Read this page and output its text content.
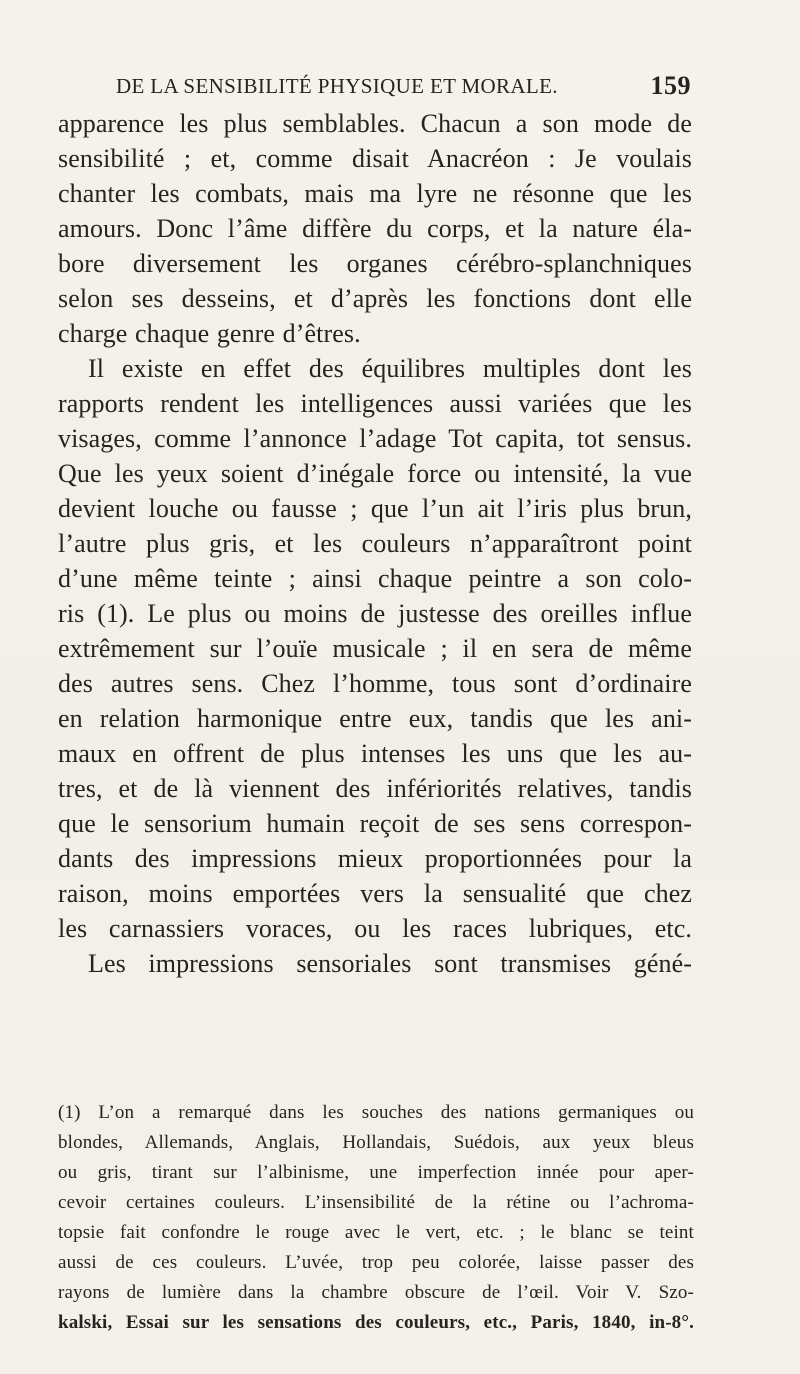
DE LA SENSIBILITÉ PHYSIQUE ET MORALE.	159
apparence les plus semblables. Chacun a son mode de
sensibilité ; et, comme disait Anacréon : Je voulais
chanter les combats, mais ma lyre ne résonne que les
amours. Donc l’âme diffère du corps, et la nature éla-
bore diversement les organes cérébro-splanchniques
selon ses desseins, et d’après les fonctions dont elle
charge chaque genre d’êtres.
Il existe en effet des équilibres multiples dont les
rapports rendent les intelligences aussi variées que les
visages, comme l’annonce l’adage Tot capita, tot sensus.
Que les yeux soient d’inégale force ou intensité, la vue
devient louche ou fausse ; que l’un ait l’iris plus brun,
l’autre plus gris, et les couleurs n’apparaîtront point
d’une même teinte ; ainsi chaque peintre a son colo-
ris (1). Le plus ou moins de justesse des oreilles influe
extrêmement sur l’ouïe musicale ; il en sera de même
des autres sens. Chez l’homme, tous sont d’ordinaire
en relation harmonique entre eux, tandis que les ani-
maux en offrent de plus intenses les uns que les au-
tres, et de là viennent des infériorités relatives, tandis
que le sensorium humain reçoit de ses sens correspon-
dants des impressions mieux proportionnées pour la
raison, moins emportées vers la sensualité que chez
les carnassiers voraces, ou les races lubriques, etc.
Les impressions sensoriales sont transmises géné-
(1) L’on a remarqué dans les souches des nations germaniques ou
blondes, Allemands, Anglais, Hollandais, Suédois, aux yeux bleus
ou gris, tirant sur l’albinisme, une imperfection innée pour aper-
cevoir certaines couleurs. L’insensibilité de la rétine ou l’achroma-
topsie fait confondre le rouge avec le vert, etc. ; le blanc se teint
aussi de ces couleurs. L’uvée, trop peu colorée, laisse passer des
rayons de lumière dans la chambre obscure de l’œil. Voir V. Szo-
kalski, Essai sur les sensations des couleurs, etc., Paris, 1840, in-8°.
